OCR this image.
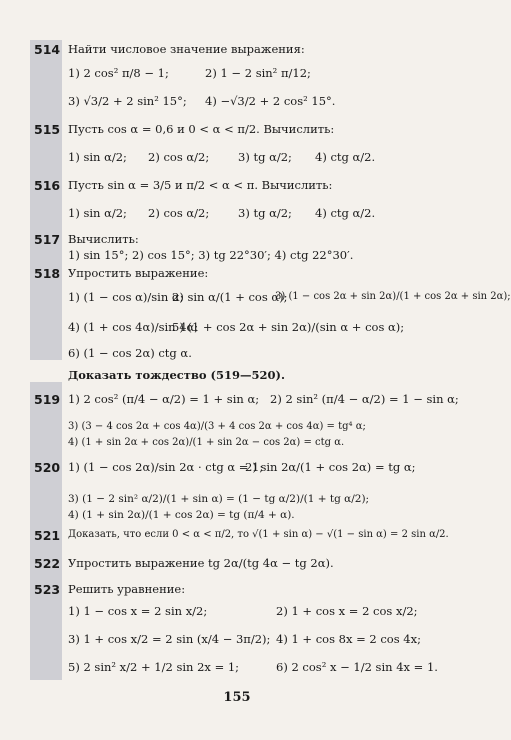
514 Найти числовое значение выражения:
1) 2 cos² π/8 − 1;	2) 1 − 2 sin² π/12;
3) √3/2 + 2 sin² 15°; 4) −√3/2 + 2 cos² 15°.
515 Пусть cos α = 0,6 и 0 < α < π/2. Вычислить:
1) sin α/2; 2) cos α/2;	3) tg α/2; 4) ctg α/2.
516 Пусть sin α = 3/5 и π/2 < α < π. Вычислить:
1) sin α/2; 2) cos α/2;	3) tg α/2; 4) ctg α/2.
517 Вычислить:
1) sin 15°; 2) cos 15°; 3) tg 22°30′; 4) ctg 22°30′.
518 Упростить выражение:
1) (1 − cos α)/sin α;
2) sin α/(1 + cos α);
3) (1 − cos 2α + sin 2α)/(1 + cos 2α + sin 2α);
4) (1 + cos 4α)/sin 4α;
5) (1 + cos 2α + sin 2α)/(sin α + cos α);
6) (1 − cos 2α) ctg α.
Доказать тождество (519—520).
519 1) 2 cos² (π/4 − α/2) = 1 + sin α; 2) 2 sin² (π/4 − α/2) = 1 − sin α;
3) (3 − 4 cos 2α + cos 4α)/(3 + 4 cos 2α + cos 4α) = tg⁴ α;
4) (1 + sin 2α + cos 2α)/(1 + sin 2α − cos 2α) = ctg α.
520 1) (1 − cos 2α)/sin 2α · ctg α = 1;
2) sin 2α/(1 + cos 2α) = tg α;
3) (1 − 2 sin² α/2)/(1 + sin α) = (1 − tg α/2)/(1 + tg α/2);
4) (1 + sin 2α)/(1 + cos 2α) = tg (π/4 + α).
521 Доказать, что если 0 < α < π/2, то √(1 + sin α) − √(1 − sin α) = 2 sin α/2.
522 Упростить выражение tg 2α/(tg 4α − tg 2α).
523 Решить уравнение:
1) 1 − cos x = 2 sin x/2;	2) 1 + cos x = 2 cos x/2;
3) 1 + cos x/2 = 2 sin (x/4 − 3π/2); 4) 1 + cos 8x = 2 cos 4x;
5) 2 sin² x/2 + 1/2 sin 2x = 1;	6) 2 cos² x − 1/2 sin 4x = 1.
155
